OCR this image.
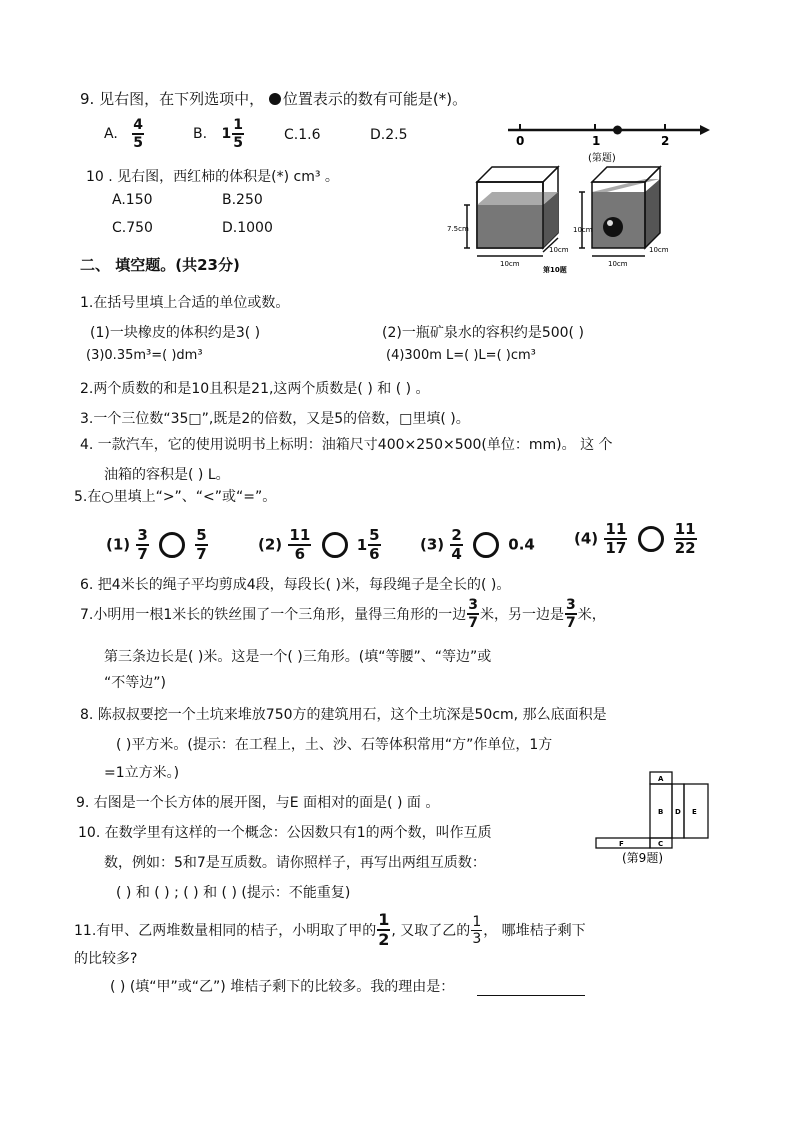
9. 见右图，在下列选项中， 位置表示的数有可能是(*)。
A. $\frac{4}{5}$	B. $1 \frac{1}{5}$	C.1.6	D.2.5	0	1	2
(第题)
10 . 见右图，西红柿的体积是(*) cm³ 。
A.150	B.250
C.750	D.1000	7.5cm
10cm
10cm
10cm
10cm
10cm
第10题
二、 填空题。(共23分)
1.在括号里填上合适的单位或数。
(1)一块橡皮的体积约是3( )	(2)一瓶矿泉水的容积约是500( )
(3)0.35m³=( )dm³	(4)300m L=( )L=( )cm³
2.两个质数的和是10且积是21,这两个质数是( ) 和 ( ) 。
3.一个三位数“35□”,既是2的倍数，又是5的倍数，□里填( )。
4. 一款汽车，它的使用说明书上标明：油箱尺寸400×250×500(单位：mm)。 这 个
油箱的容积是( ) L。
5.在○里填上“>”、“<”或“=”。
$(1) \frac{3}{7}$
	$\frac{5}{7}$	$(2) \frac{11}{6}$
	$1 \frac{5}{6}$	$(3) \frac{2}{4}$	0.4	$(4) \frac{11}{17}$
	$\frac{11}{22}$
6. 把4米长的绳子平均剪成4段，每段长( )米，每段绳子是全长的( )。
7.小明用一根1米长的铁丝围了一个三角形，量得三角形的一边 $\frac{3}{7}$ 米，另一边是 $\frac{3}{7}$ 米，
第三条边长是( )米。这是一个( )三角形。(填“等腰”、“等边”或
“不等边”)
8. 陈叔叔要挖一个土坑来堆放750方的建筑用石，这个土坑深是50cm, 那么底面积是
( )平方米。(提示：在工程上，土、沙、石等体积常用“方”作单位，1方
=1立方米。)
9. 右图是一个长方体的展开图，与E 面相对的面是( ) 面 。
A
B D E
F	C
(第9题)
10. 在数学里有这样的一个概念：公因数只有1的两个数，叫作互质
数，例如：5和7是互质数。请你照样子，再写出两组互质数：
( ) 和 ( ) ; ( ) 和 ( ) (提示：不能重复)
11.有甲、乙两堆数量相同的桔子，小明取了甲的 $\frac{1}{2}$ , 又取了乙的 $\frac{1}{3}$ ， 哪堆桔子剩下
的比较多?
( ) (填“甲”或“乙”) 堆桔子剩下的比较多。我的理由是：
